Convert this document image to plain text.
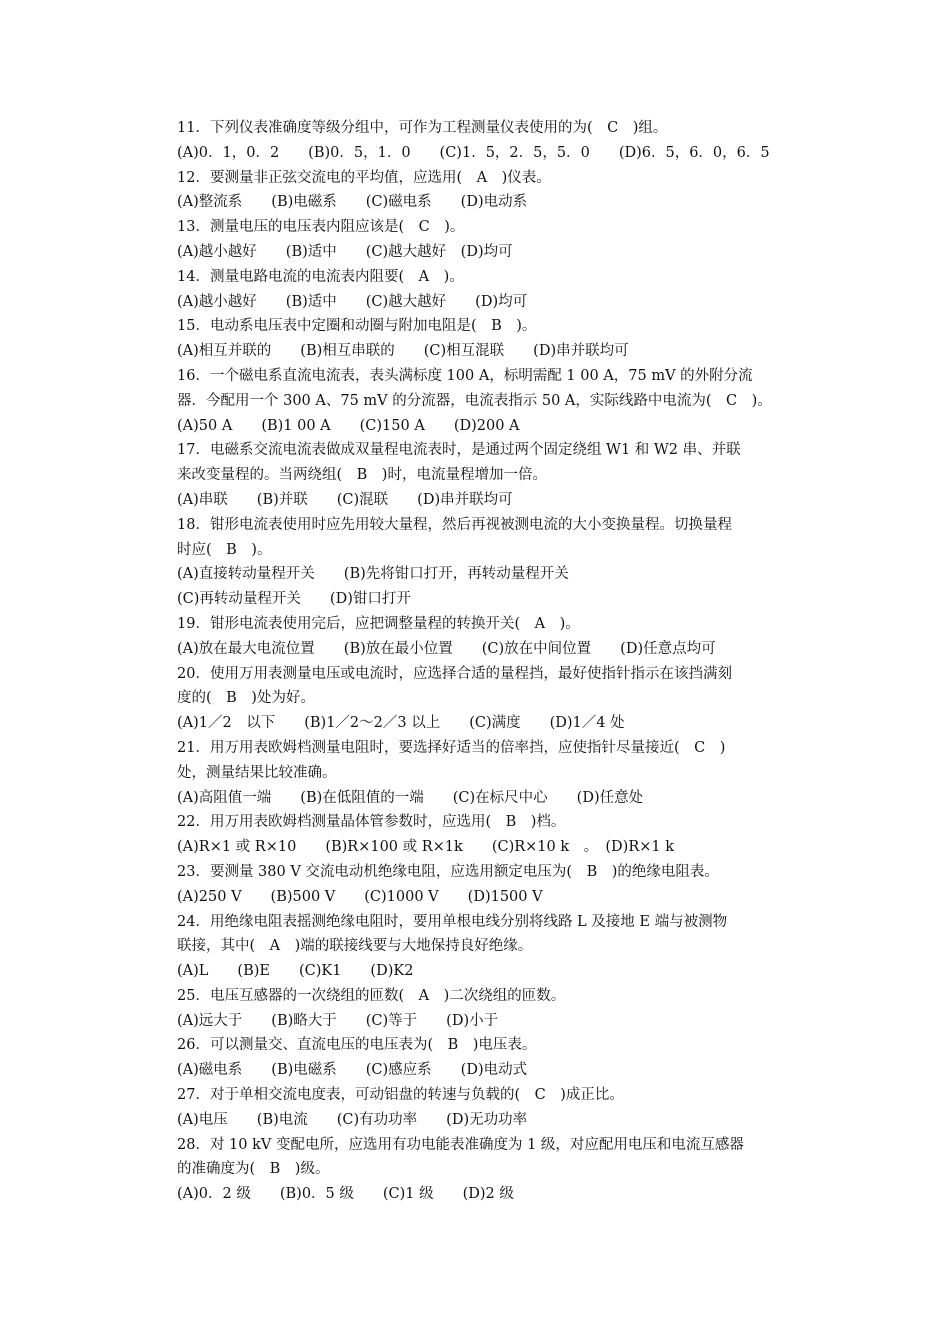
11．下列仪表准确度等级分组中，可作为工程测量仪表使用的为(　C　)组。
(A)0．1，0．2　　(B)0．5，1．0　　(C)1．5，2．5，5．0　　(D)6．5，6．0，6．5
12．要测量非正弦交流电的平均值，应选用(　A　)仪表。
(A)整流系　　(B)电磁系　　(C)磁电系　　(D)电动系
13．测量电压的电压表内阻应该是(　C　)。
(A)越小越好　　(B)适中　　(C)越大越好　(D)均可
14．测量电路电流的电流表内阻要(　A　)。
(A)越小越好　　(B)适中　　(C)越大越好　　(D)均可
15．电动系电压表中定圈和动圈与附加电阻是(　B　)。
(A)相互并联的　　(B)相互串联的　　(C)相互混联　　(D)串并联均可
16．一个磁电系直流电流表，表头满标度 100 A，标明需配 1 00 A，75 mV 的外附分流
器．今配用一个 300 A、75 mV 的分流器，电流表指示 50 A，实际线路中电流为(　C　)。
(A)50 A　　(B)1 00 A　　(C)150 A　　(D)200 A
17．电磁系交流电流表做成双量程电流表时，是通过两个固定绕组 W1 和 W2 串、并联
来改变量程的。当两绕组(　B　)时，电流量程增加一倍。
(A)串联　　(B)并联　　(C)混联　　(D)串并联均可
18．钳形电流表使用时应先用较大量程，然后再视被测电流的大小变换量程。切换量程
时应(　B　)。
(A)直接转动量程开关　　(B)先将钳口打开，再转动量程开关
(C)再转动量程开关　　(D)钳口打开
19．钳形电流表使用完后，应把调整量程的转换开关(　A　)。
(A)放在最大电流位置　　(B)放在最小位置　　(C)放在中间位置　　(D)任意点均可
20．使用万用表测量电压或电流时，应选择合适的量程挡，最好使指针指示在该挡满刻
度的(　B　)处为好。
(A)1／2　以下　　(B)1／2～2／3 以上　　(C)满度　　(D)1／4 处
21．用万用表欧姆档测量电阻时，要选择好适当的倍率挡，应使指针尽量接近(　C　)
处，测量结果比较准确。
(A)高阻值一端　　(B)在低阻值的一端　　(C)在标尺中心　　(D)任意处
22．用万用表欧姆档测量晶体管参数时，应选用(　B　)档。
(A)R×1 或 R×10　　(B)R×100 或 R×1k　　(C)R×10 k　。　(D)R×1 k
23．要测量 380 V 交流电动机绝缘电阻，应选用额定电压为(　B　)的绝缘电阻表。
(A)250 V　　(B)500 V　　(C)1000 V　　(D)1500 V
24．用绝缘电阻表摇测绝缘电阻时，要用单根电线分别将线路 L 及接地 E 端与被测物
联接，其中(　A　)端的联接线要与大地保持良好绝缘。
(A)L　　(B)E　　(C)K1　　(D)K2
25．电压互感器的一次绕组的匝数(　A　)二次绕组的匝数。
(A)远大于　　(B)略大于　　(C)等于　　(D)小于
26．可以测量交、直流电压的电压表为(　B　)电压表。
(A)磁电系　　(B)电磁系　　(C)感应系　　(D)电动式
27．对于单相交流电度表，可动铝盘的转速与负载的(　C　)成正比。
(A)电压　　(B)电流　　(C)有功功率　　(D)无功功率
28．对 10 kV 变配电所，应选用有功电能表准确度为 1 级，对应配用电压和电流互感器
的准确度为(　B　)级。
(A)0．2 级　　(B)0．5 级　　(C)1 级　　(D)2 级
